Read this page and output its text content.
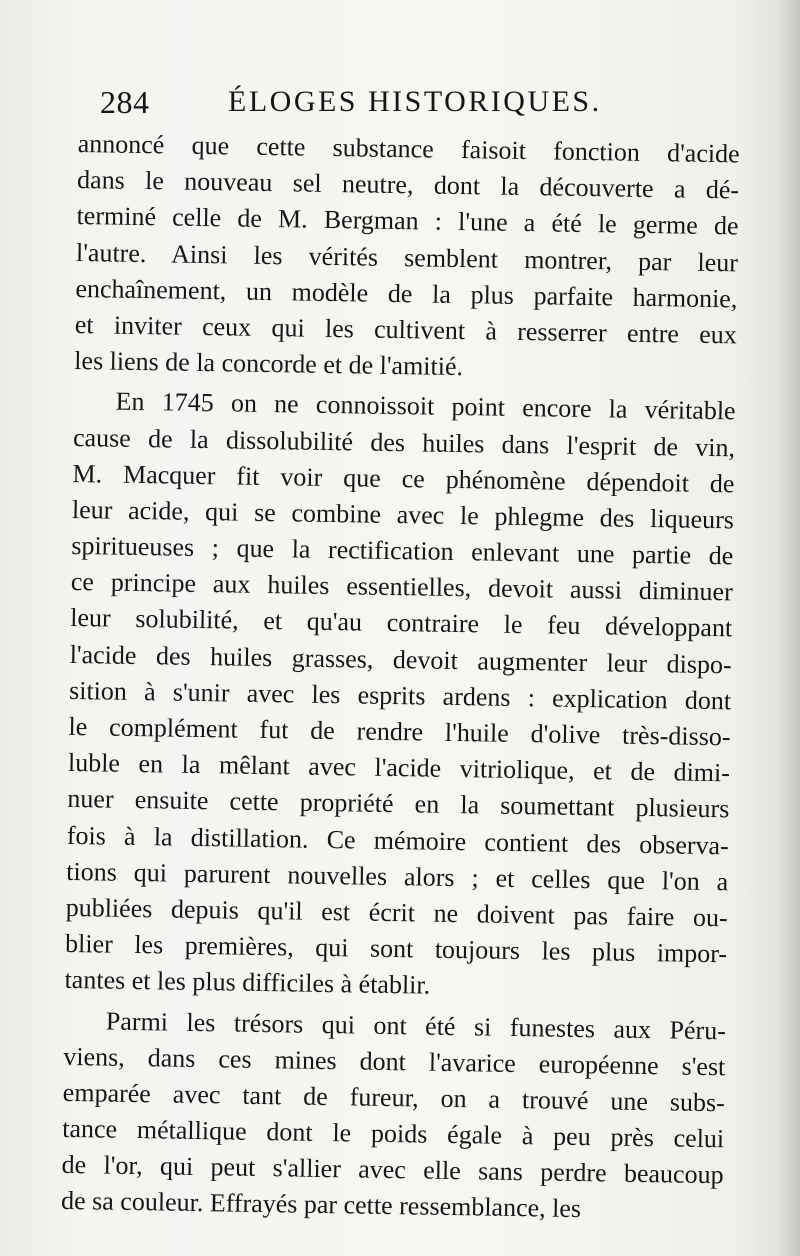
284	ÉLOGES HISTORIQUES.
annoncé que cette substance faisoit fonction d'acide
dans le nouveau sel neutre, dont la découverte a dé-
terminé celle de M. Bergman : l'une a été le germe de
l'autre. Ainsi les vérités semblent montrer, par leur
enchaînement, un modèle de la plus parfaite harmonie,
et inviter ceux qui les cultivent à resserrer entre eux
les liens de la concorde et de l'amitié.
En 1745 on ne connoissoit point encore la véritable
cause de la dissolubilité des huiles dans l'esprit de vin,
M. Macquer fit voir que ce phénomène dépendoit de
leur acide, qui se combine avec le phlegme des liqueurs
spiritueuses ; que la rectification enlevant une partie de
ce principe aux huiles essentielles, devoit aussi diminuer
leur solubilité, et qu'au contraire le feu développant
l'acide des huiles grasses, devoit augmenter leur dispo-
sition à s'unir avec les esprits ardens : explication dont
le complément fut de rendre l'huile d'olive très-disso-
luble en la mêlant avec l'acide vitriolique, et de dimi-
nuer ensuite cette propriété en la soumettant plusieurs
fois à la distillation. Ce mémoire contient des observa-
tions qui parurent nouvelles alors ; et celles que l'on a
publiées depuis qu'il est écrit ne doivent pas faire ou-
blier les premières, qui sont toujours les plus impor-
tantes et les plus difficiles à établir.
Parmi les trésors qui ont été si funestes aux Péru-
viens, dans ces mines dont l'avarice européenne s'est
emparée avec tant de fureur, on a trouvé une subs-
tance métallique dont le poids égale à peu près celui
de l'or, qui peut s'allier avec elle sans perdre beaucoup
de sa couleur. Effrayés par cette ressemblance, les
